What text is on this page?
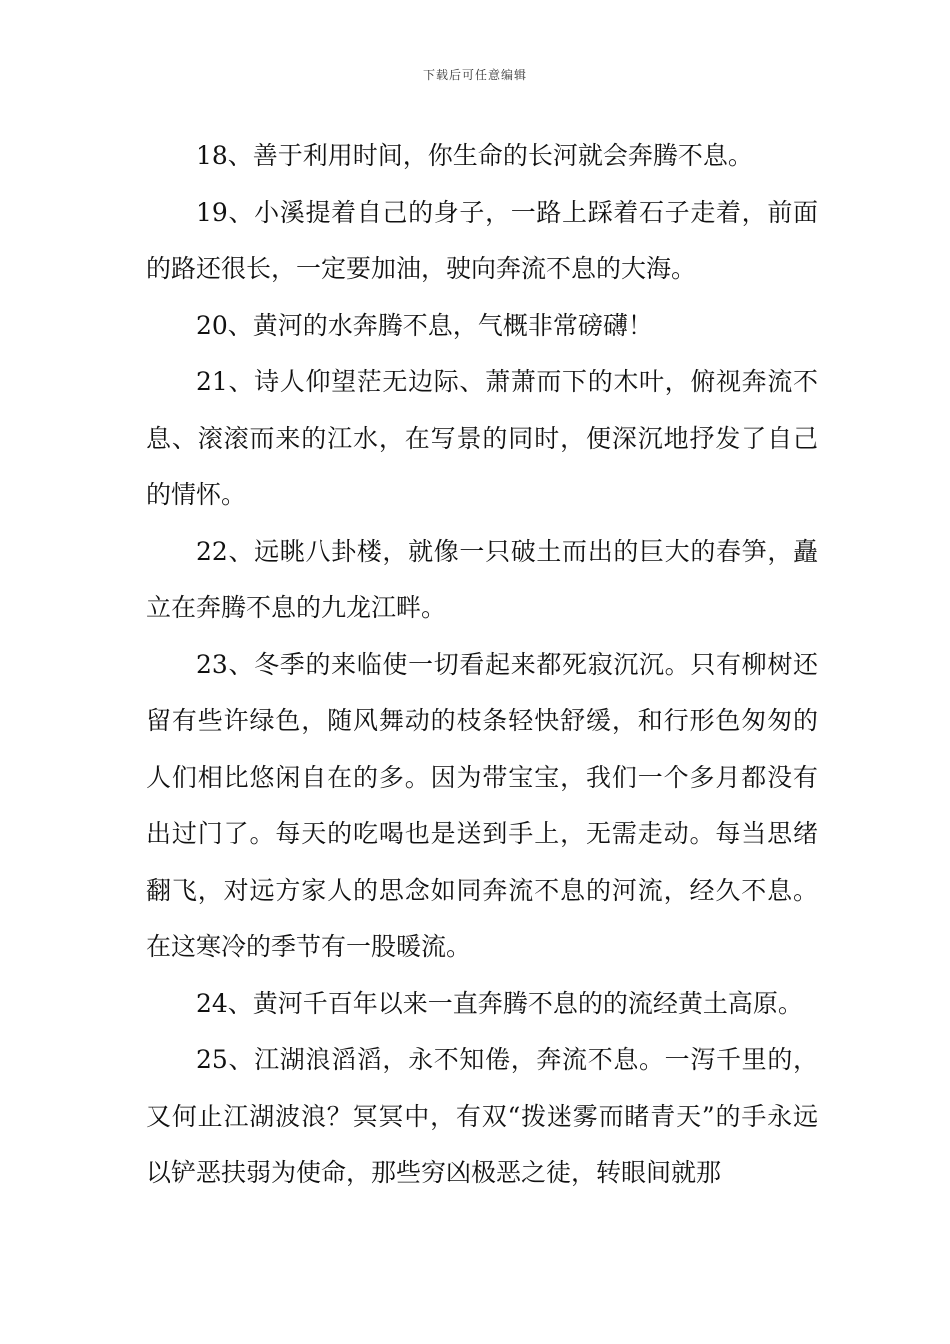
下载后可任意编辑

18、善于利用时间，你生命的长河就会奔腾不息。

19、小溪提着自己的身子，一路上踩着石子走着，前面的路还很长，一定要加油，驶向奔流不息的大海。

20、黄河的水奔腾不息，气概非常磅礴！

21、诗人仰望茫无边际、萧萧而下的木叶，俯视奔流不息、滚滚而来的江水，在写景的同时，便深沉地抒发了自己的情怀。

22、远眺八卦楼，就像一只破土而出的巨大的春笋，矗立在奔腾不息的九龙江畔。

23、冬季的来临使一切看起来都死寂沉沉。只有柳树还留有些许绿色，随风舞动的枝条轻快舒缓，和行形色匆匆的人们相比悠闲自在的多。因为带宝宝，我们一个多月都没有出过门了。每天的吃喝也是送到手上，无需走动。每当思绪翻飞，对远方家人的思念如同奔流不息的河流，经久不息。在这寒冷的季节有一股暖流。

24、黄河千百年以来一直奔腾不息的的流经黄土高原。

25、江湖浪滔滔，永不知倦，奔流不息。一泻千里的，又何止江湖波浪？冥冥中，有双“拨迷雾而睹青天”的手永远以铲恶扶弱为使命，那些穷凶极恶之徒，转眼间就那
